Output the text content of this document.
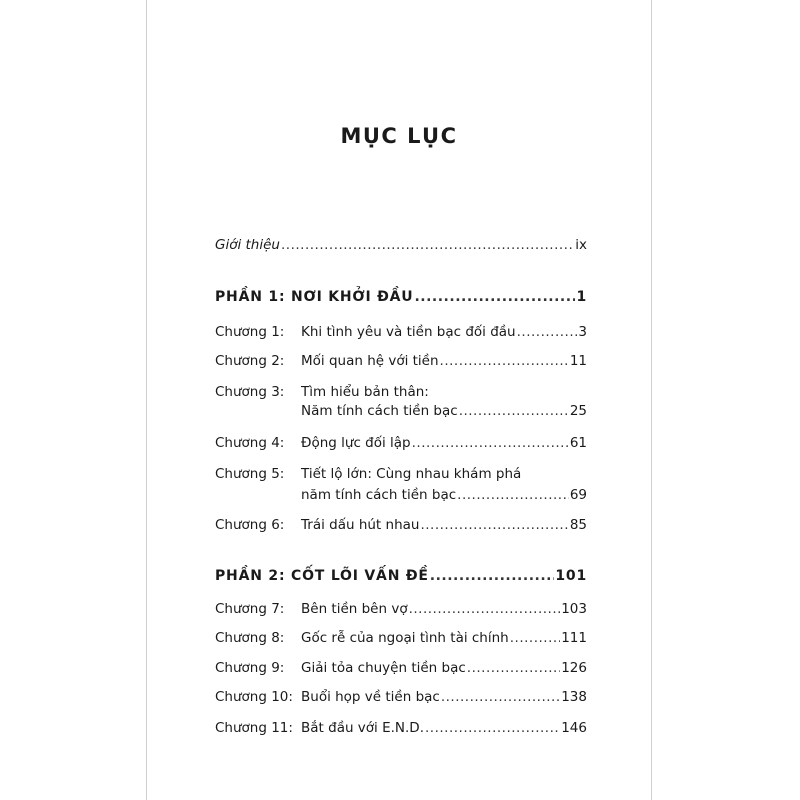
MỤC LỤC
Giới thiệu .....	ix
PHẦN 1: NƠI KHỞI ĐẦU .....	1
Chương 1:	Khi tình yêu và tiền bạc đối đầu .....	3
Chương 2:	Mối quan hệ với tiền .....	11
Chương 3:	Tìm hiểu bản thân:
Năm tính cách tiền bạc .....	25
Chương 4:	Động lực đối lập .....	61
Chương 5:	Tiết lộ lớn: Cùng nhau khám phá
năm tính cách tiền bạc .....	69
Chương 6:	Trái dấu hút nhau .....	85
PHẦN 2: CỐT LÕI VẤN ĐỀ .....	101
Chương 7:	Bên tiền bên vợ .....	103
Chương 8:	Gốc rễ của ngoại tình tài chính .....	111
Chương 9:	Giải tỏa chuyện tiền bạc .....	126
Chương 10: Buổi họp về tiền bạc .....	138
Chương 11: Bắt đầu với E.N.D. .....	146
